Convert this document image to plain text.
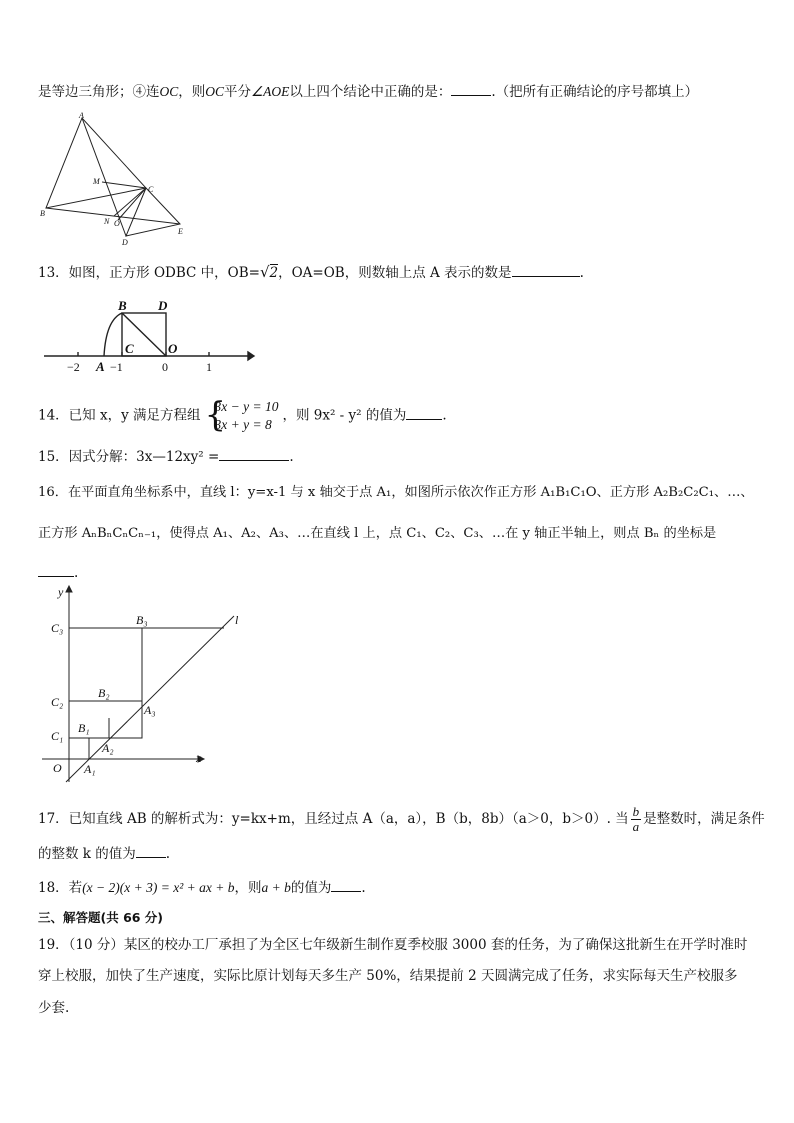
是等边三角形；④连OC，则OC平分∠AOE以上四个结论中正确的是：	.（把所有正确结论的序号都填上）
A
M
C
B
N O
D
E
13．如图，正方形 ODBC 中，OB=√2，OA=OB，则数轴上点 A 表示的数是	.
B D
C	O
A
−2	−1	0	1
14．已知 x，y 满足方程组 {
3x − y = 10
3x + y = 8
，则 9x² - y² 的值为	.
15．因式分解：3x—12xy² =	.
16．在平面直角坐标系中，直线 l：y=x-1 与 x 轴交于点 A₁，如图所示依次作正方形 A₁B₁C₁O、正方形 A₂B₂C₂C₁、…、
正方形 AₙBₙCₙCₙ₋₁，使得点 A₁、A₂、A₃、…在直线 l 上，点 C₁、C₂、C₃、…在 y 轴正半轴上，则点 Bₙ 的坐标是
.
y
x
l
O
C₁
C₂
C₃
B₁
B₂
B₃
A₁
A₂
A₃
17．已知直线 AB 的解析式为：y=kx+m，且经过点 A（a，a），B（b，8b）（a＞0，b＞0）. 当 $\frac{b}{a}$ 是整数时，满足条件
的整数 k 的值为 .
18．若(x − 2)(x + 3) = x² + ax + b，则a + b的值为 .
三、解答题(共 66 分)
19．（10 分）某区的校办工厂承担了为全区七年级新生制作夏季校服 3000 套的任务，为了确保这批新生在开学时准时
穿上校服，加快了生产速度，实际比原计划每天多生产 50%，结果提前 2 天圆满完成了任务，求实际每天生产校服多
少套.
